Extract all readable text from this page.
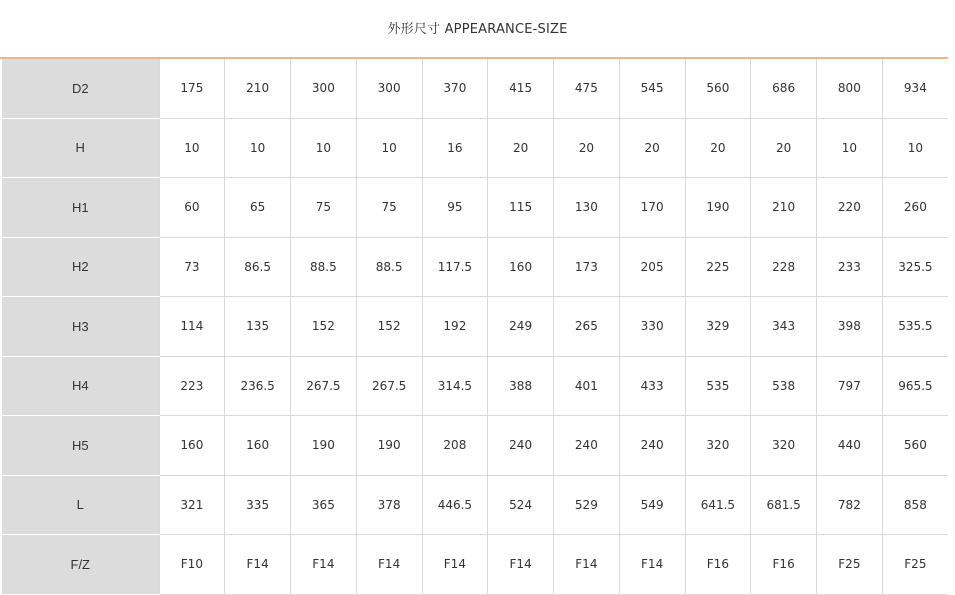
外形尺寸 APPEARANCE-SIZE
D2	175	210	300	300	370	415	475	545	560	686	800	934
H	10	10	10	10	16	20	20	20	20	20	10	10
H1	60	65	75	75	95	115	130	170	190	210	220	260
H2	73	86.5	88.5	88.5	117.5	160	173	205	225	228	233	325.5
H3	114	135	152	152	192	249	265	330	329	343	398	535.5
H4	223	236.5	267.5	267.5	314.5	388	401	433	535	538	797	965.5
H5	160	160	190	190	208	240	240	240	320	320	440	560
L	321	335	365	378	446.5	524	529	549	641.5	681.5	782	858
F/Z	F10	F14	F14	F14	F14	F14	F14	F14	F16	F16	F25	F25
